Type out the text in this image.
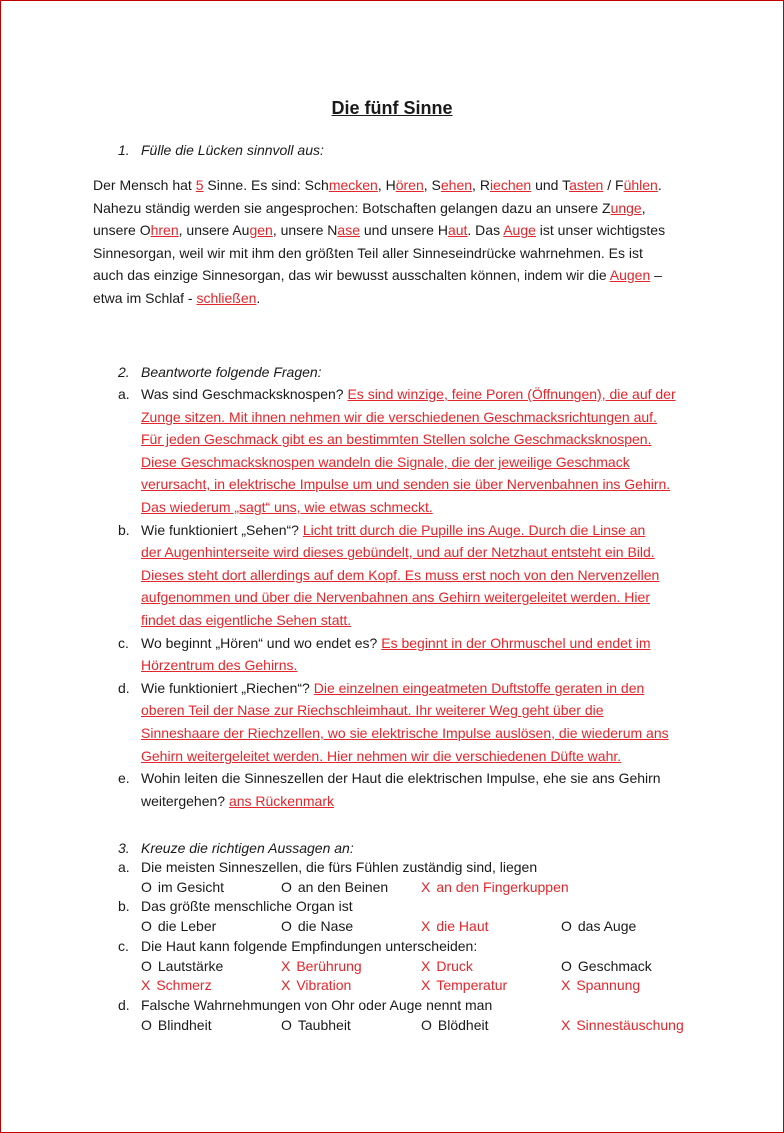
Die fünf Sinne
1. Fülle die Lücken sinnvoll aus:
Der Mensch hat 5 Sinne. Es sind: Schmecken, Hören, Sehen, Riechen und Tasten / Fühlen.
Nahezu ständig werden sie angesprochen: Botschaften gelangen dazu an unsere Zunge,
unsere Ohren, unsere Augen, unsere Nase und unsere Haut. Das Auge ist unser wichtigstes
Sinnesorgan, weil wir mit ihm den größten Teil aller Sinneseindrücke wahrnehmen. Es ist
auch das einzige Sinnesorgan, das wir bewusst ausschalten können, indem wir die Augen –
etwa im Schlaf - schließen.
2. Beantworte folgende Fragen:
a. Was sind Geschmacksknospen? Es sind winzige, feine Poren (Öffnungen), die auf der
Zunge sitzen. Mit ihnen nehmen wir die verschiedenen Geschmacksrichtungen auf.
Für jeden Geschmack gibt es an bestimmten Stellen solche Geschmacksknospen.
Diese Geschmacksknospen wandeln die Signale, die der jeweilige Geschmack
verursacht, in elektrische Impulse um und senden sie über Nervenbahnen ins Gehirn.
Das wiederum „sagt“ uns, wie etwas schmeckt.
b. Wie funktioniert „Sehen“? Licht tritt durch die Pupille ins Auge. Durch die Linse an
der Augenhinterseite wird dieses gebündelt, und auf der Netzhaut entsteht ein Bild.
Dieses steht dort allerdings auf dem Kopf. Es muss erst noch von den Nervenzellen
aufgenommen und über die Nervenbahnen ans Gehirn weitergeleitet werden. Hier
findet das eigentliche Sehen statt.
c. Wo beginnt „Hören“ und wo endet es? Es beginnt in der Ohrmuschel und endet im
Hörzentrum des Gehirns.
d. Wie funktioniert „Riechen“? Die einzelnen eingeatmeten Duftstoffe geraten in den
oberen Teil der Nase zur Riechschleimhaut. Ihr weiterer Weg geht über die
Sinneshaare der Riechzellen, wo sie elektrische Impulse auslösen, die wiederum ans
Gehirn weitergeleitet werden. Hier nehmen wir die verschiedenen Düfte wahr.
e. Wohin leiten die Sinneszellen der Haut die elektrischen Impulse, ehe sie ans Gehirn
weitergehen? ans Rückenmark
3. Kreuze die richtigen Aussagen an:
a. Die meisten Sinneszellen, die fürs Fühlen zuständig sind, liegen
O im Gesicht	O an den Beinen X an den Fingerkuppen
b. Das größte menschliche Organ ist
O die Leber	O die Nase	X die Haut	O das Auge
c. Die Haut kann folgende Empfindungen unterscheiden:
O Lautstärke	X Berührung	X Druck	O Geschmack
X Schmerz	X Vibration	X Temperatur	X Spannung
d. Falsche Wahrnehmungen von Ohr oder Auge nennt man
O Blindheit	O Taubheit	O Blödheit	X Sinnestäuschung
